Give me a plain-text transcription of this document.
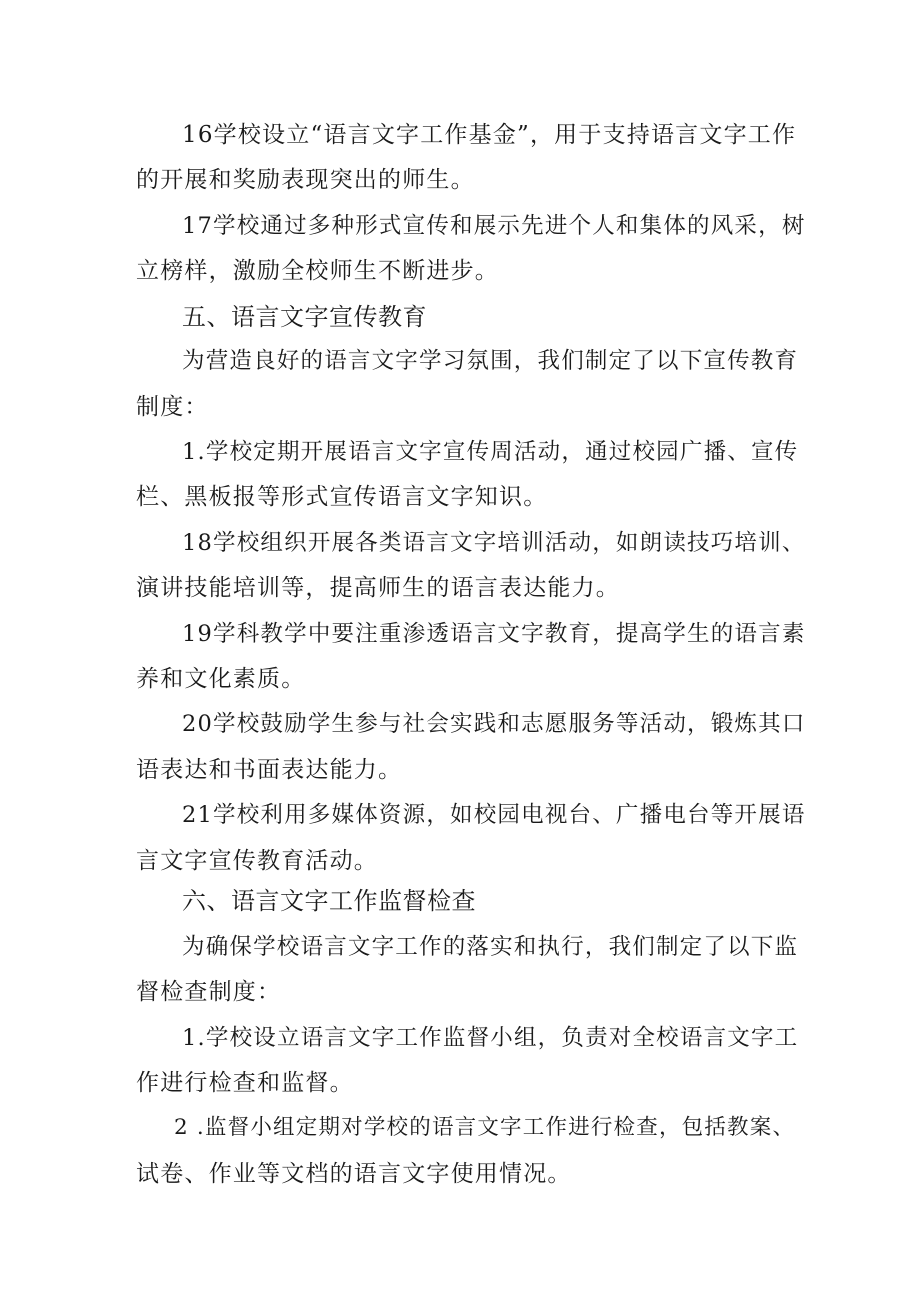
16学校设立“语言文字工作基金”，用于支持语言文字工作
的开展和奖励表现突出的师生。
17学校通过多种形式宣传和展示先进个人和集体的风采，树
立榜样，激励全校师生不断进步。
五、语言文字宣传教育
为营造良好的语言文字学习氛围，我们制定了以下宣传教育
制度：
1.学校定期开展语言文字宣传周活动，通过校园广播、宣传
栏、黑板报等形式宣传语言文字知识。
18学校组织开展各类语言文字培训活动，如朗读技巧培训、
演讲技能培训等，提高师生的语言表达能力。
19学科教学中要注重渗透语言文字教育，提高学生的语言素
养和文化素质。
20学校鼓励学生参与社会实践和志愿服务等活动，锻炼其口
语表达和书面表达能力。
21学校利用多媒体资源，如校园电视台、广播电台等开展语
言文字宣传教育活动。
六、语言文字工作监督检查
为确保学校语言文字工作的落实和执行，我们制定了以下监
督检查制度：
1.学校设立语言文字工作监督小组，负责对全校语言文字工
作进行检查和监督。
2 .监督小组定期对学校的语言文字工作进行检查，包括教案、
试卷、作业等文档的语言文字使用情况。
